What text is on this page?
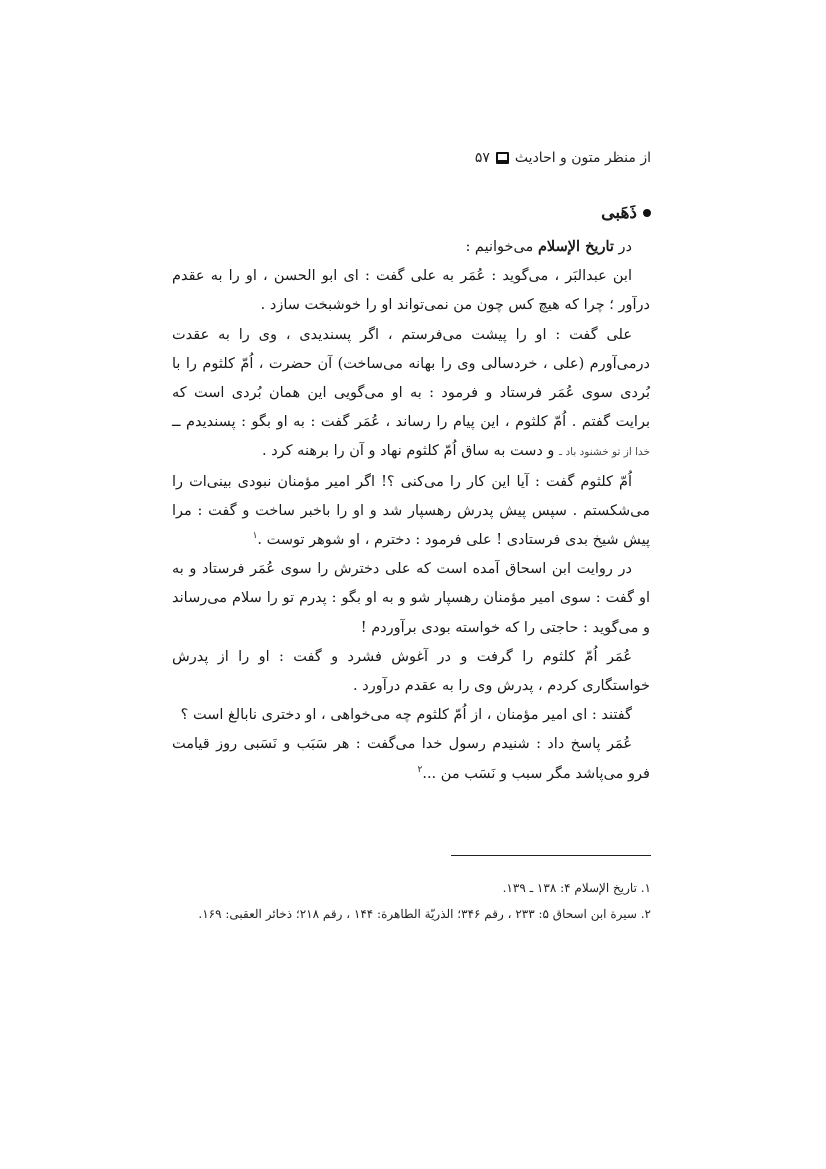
از منظر متون و احادیث
۵۷
ذَهَبی

در تاریخ الإسلام می‌خوانیم :

ابن عبدالبَر ، می‌گوید : عُمَر به علی گفت : ای ابو الحسن ، او را به عقدم درآور ؛ چرا که هیچ کس چون من نمی‌تواند او را خوشبخت سازد .

علی گفت : او را پیشت می‌فرستم ، اگر پسندیدی ، وی را به عقدت درمی‌آورم (علی ، خردسالی وی را بهانه می‌ساخت) آن حضرت ، اُمّ کلثوم را با بُردی سوی عُمَر فرستاد و فرمود : به او می‌گویی این همان بُردی است که برایت گفتم . اُمّ کلثوم ، این پیام را رساند ، عُمَر گفت : به او بگو : پسندیدم ــ خدا از تو خشنود باد ـ و دست به ساق اُمّ کلثوم نهاد و آن را برهنه کرد .

اُمّ کلثوم گفت : آیا این کار را می‌کنی ؟! اگر امیر مؤمنان نبودی بینی‌ات را می‌شکستم . سپس پیش پدرش رهسپار شد و او را باخبر ساخت و گفت : مرا پیش شیخ بدی فرستادی ! علی فرمود : دخترم ، او شوهر توست .$^۱$

در روایت ابن اسحاق آمده است که علی دخترش را سوی عُمَر فرستاد و به او گفت : سوی امیر مؤمنان رهسپار شو و به او بگو : پدرم تو را سلام می‌رساند و می‌گوید : حاجتی را که خواسته بودی برآوردم !

عُمَر اُمّ کلثوم را گرفت و در آغوش فشرد و گفت : او را از پدرش خواستگاری کردم ، پدرش وی را به عقدم درآورد .

گفتند : ای امیر مؤمنان ، از اُمّ کلثوم چه می‌خواهی ، او دختری نابالغ است ؟

عُمَر پاسخ داد : شنیدم رسول خدا می‌گفت : هر سَبَب و نَسَبی روز قیامت فرو می‌پاشد مگر سبب و نَسَب من ...$^۲$

۱. تاریخ الإسلام ۴: ۱۳۸ ـ ۱۳۹.
۲. سیرة ابن اسحاق ۵: ۲۳۳ ، رقم ۳۴۶؛ الذریّة الطاهرة: ۱۴۴ ، رقم ۲۱۸؛ ذخائر العقبی: ۱۶۹.
